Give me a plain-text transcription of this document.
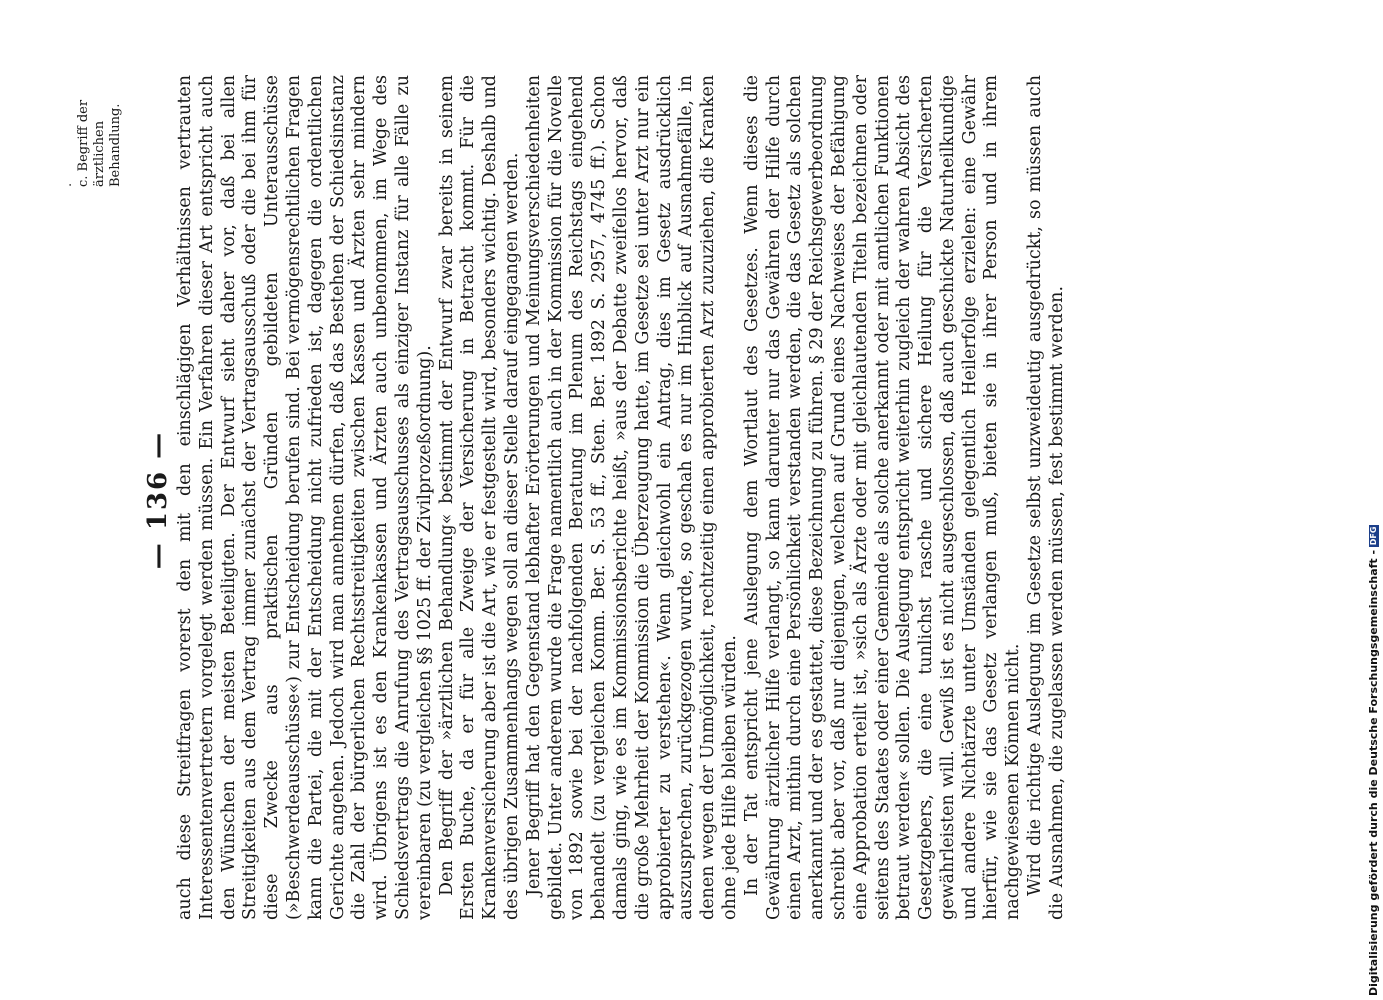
— 136 —
. c. Begriff der ärztlichen Behandlung.	auch diese Streitfragen vorerst den mit den einschlägigen Verhältnissen vertrauten Interessentenvertretern vorgelegt werden müssen. Ein Verfahren dieser Art entspricht auch den Wünschen der meisten Beteiligten. Der Entwurf sieht daher vor, daß bei allen Streitigkeiten aus dem Vertrag immer zunächst der Vertragsausschuß oder die bei ihm für diese Zwecke aus praktischen Gründen gebildeten Unterausschüsse (»Beschwerdeausschüsse«) zur Entscheidung berufen sind. Bei vermögensrechtlichen Fragen kann die Partei, die mit der Entscheidung nicht zufrieden ist, dagegen die ordentlichen Gerichte angehen. Jedoch wird man annehmen dürfen, daß das Bestehen der Schiedsinstanz die Zahl der bürgerlichen Rechtsstreitigkeiten zwischen Kassen und Ärzten sehr mindern wird. Übrigens ist es den Krankenkassen und Ärzten auch unbenommen, im Wege des Schiedsvertrags die Anrufung des Vertragsausschusses als einziger Instanz für alle Fälle zu vereinbaren (zu vergleichen §§ 1025 ff. der Zivilprozeßordnung). Den Begriff der »ärztlichen Behandlung« bestimmt der Entwurf zwar bereits in seinem Ersten Buche, da er für alle Zweige der Versicherung in Betracht kommt. Für die Krankenversicherung aber ist die Art, wie er festgestellt wird, besonders wichtig. Deshalb und des übrigen Zusammenhangs wegen soll an dieser Stelle darauf eingegangen werden. Jener Begriff hat den Gegenstand lebhafter Erörterungen und Meinungsverschiedenheiten gebildet. Unter anderem wurde die Frage namentlich auch in der Kommission für die Novelle von 1892 sowie bei der nachfolgenden Beratung im Plenum des Reichstags eingehend behandelt (zu vergleichen Komm. Ber. S. 53 ff., Sten. Ber. 1892 S. 2957, 4745 ff.). Schon damals ging, wie es im Kommissionsberichte heißt, »aus der Debatte zweifellos hervor, daß die große Mehrheit der Kommission die Überzeugung hatte, im Gesetze sei unter Arzt nur ein approbierter zu verstehen«. Wenn gleichwohl ein Antrag, dies im Gesetz ausdrücklich auszusprechen, zurückgezogen wurde, so geschah es nur im Hinblick auf Ausnahmefälle, in denen wegen der Unmöglichkeit, rechtzeitig einen approbierten Arzt zuzuziehen, die Kranken ohne jede Hilfe bleiben würden. In der Tat entspricht jene Auslegung dem Wortlaut des Gesetzes. Wenn dieses die Gewährung ärztlicher Hilfe verlangt, so kann darunter nur das Gewähren der Hilfe durch einen Arzt, mithin durch eine Persönlichkeit verstanden werden, die das Gesetz als solchen anerkannt und der es gestattet, diese Bezeichnung zu führen. § 29 der Reichsgewerbeordnung schreibt aber vor, daß nur diejenigen, welchen auf Grund eines Nachweises der Befähigung eine Approbation erteilt ist, »sich als Ärzte oder mit gleichlautenden Titeln bezeichnen oder seitens des Staates oder einer Gemeinde als solche anerkannt oder mit amtlichen Funktionen betraut werden« sollen. Die Auslegung entspricht weiterhin zugleich der wahren Absicht des Gesetzgebers, die eine tunlichst rasche und sichere Heilung für die Versicherten gewährleisten will. Gewiß ist es nicht ausgeschlossen, daß auch geschickte Naturheilkundige und andere Nichtärzte unter Umständen gelegentlich Heilerfolge erzielen: eine Gewähr hierfür, wie sie das Gesetz verlangen muß, bieten sie in ihrer Person und in ihrem nachgewiesenen Können nicht. Wird die richtige Auslegung im Gesetze selbst unzweideutig ausgedrückt, so müssen auch die Ausnahmen, die zugelassen werden müssen, fest bestimmt werden.	Digitalisierung gefördert durch die Deutsche Forschungsgemeinschaft -DFG
